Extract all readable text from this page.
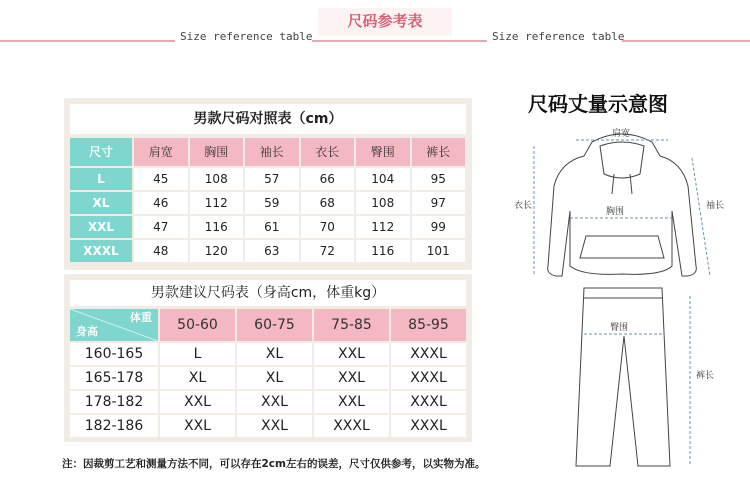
尺码参考表
Size reference table	Size reference table
男款尺码对照表（cm）
尺寸	肩宽	胸围	袖长	衣长	臀围	裤长
L	45	108	57	66	104	95
XL	46	112	59	68	108	97
XXL	47	116	61	70	112	99
XXXL	48	120	63	72	116	101
男款建议尺码表（身高cm，体重kg）
体重
身高	50-60	60-75	75-85	85-95
160-165	L	XL	XXL	XXXL
165-178	XL	XL	XXL	XXXL
178-182	XXL	XXL	XXL	XXXL
182-186	XXL	XXL	XXXL	XXXL
尺码丈量示意图
肩宽
胸围
臀围
衣长	袖长
裤长
注：因裁剪工艺和测量方法不同，可以存在2cm左右的误差，尺寸仅供参考，以实物为准。
